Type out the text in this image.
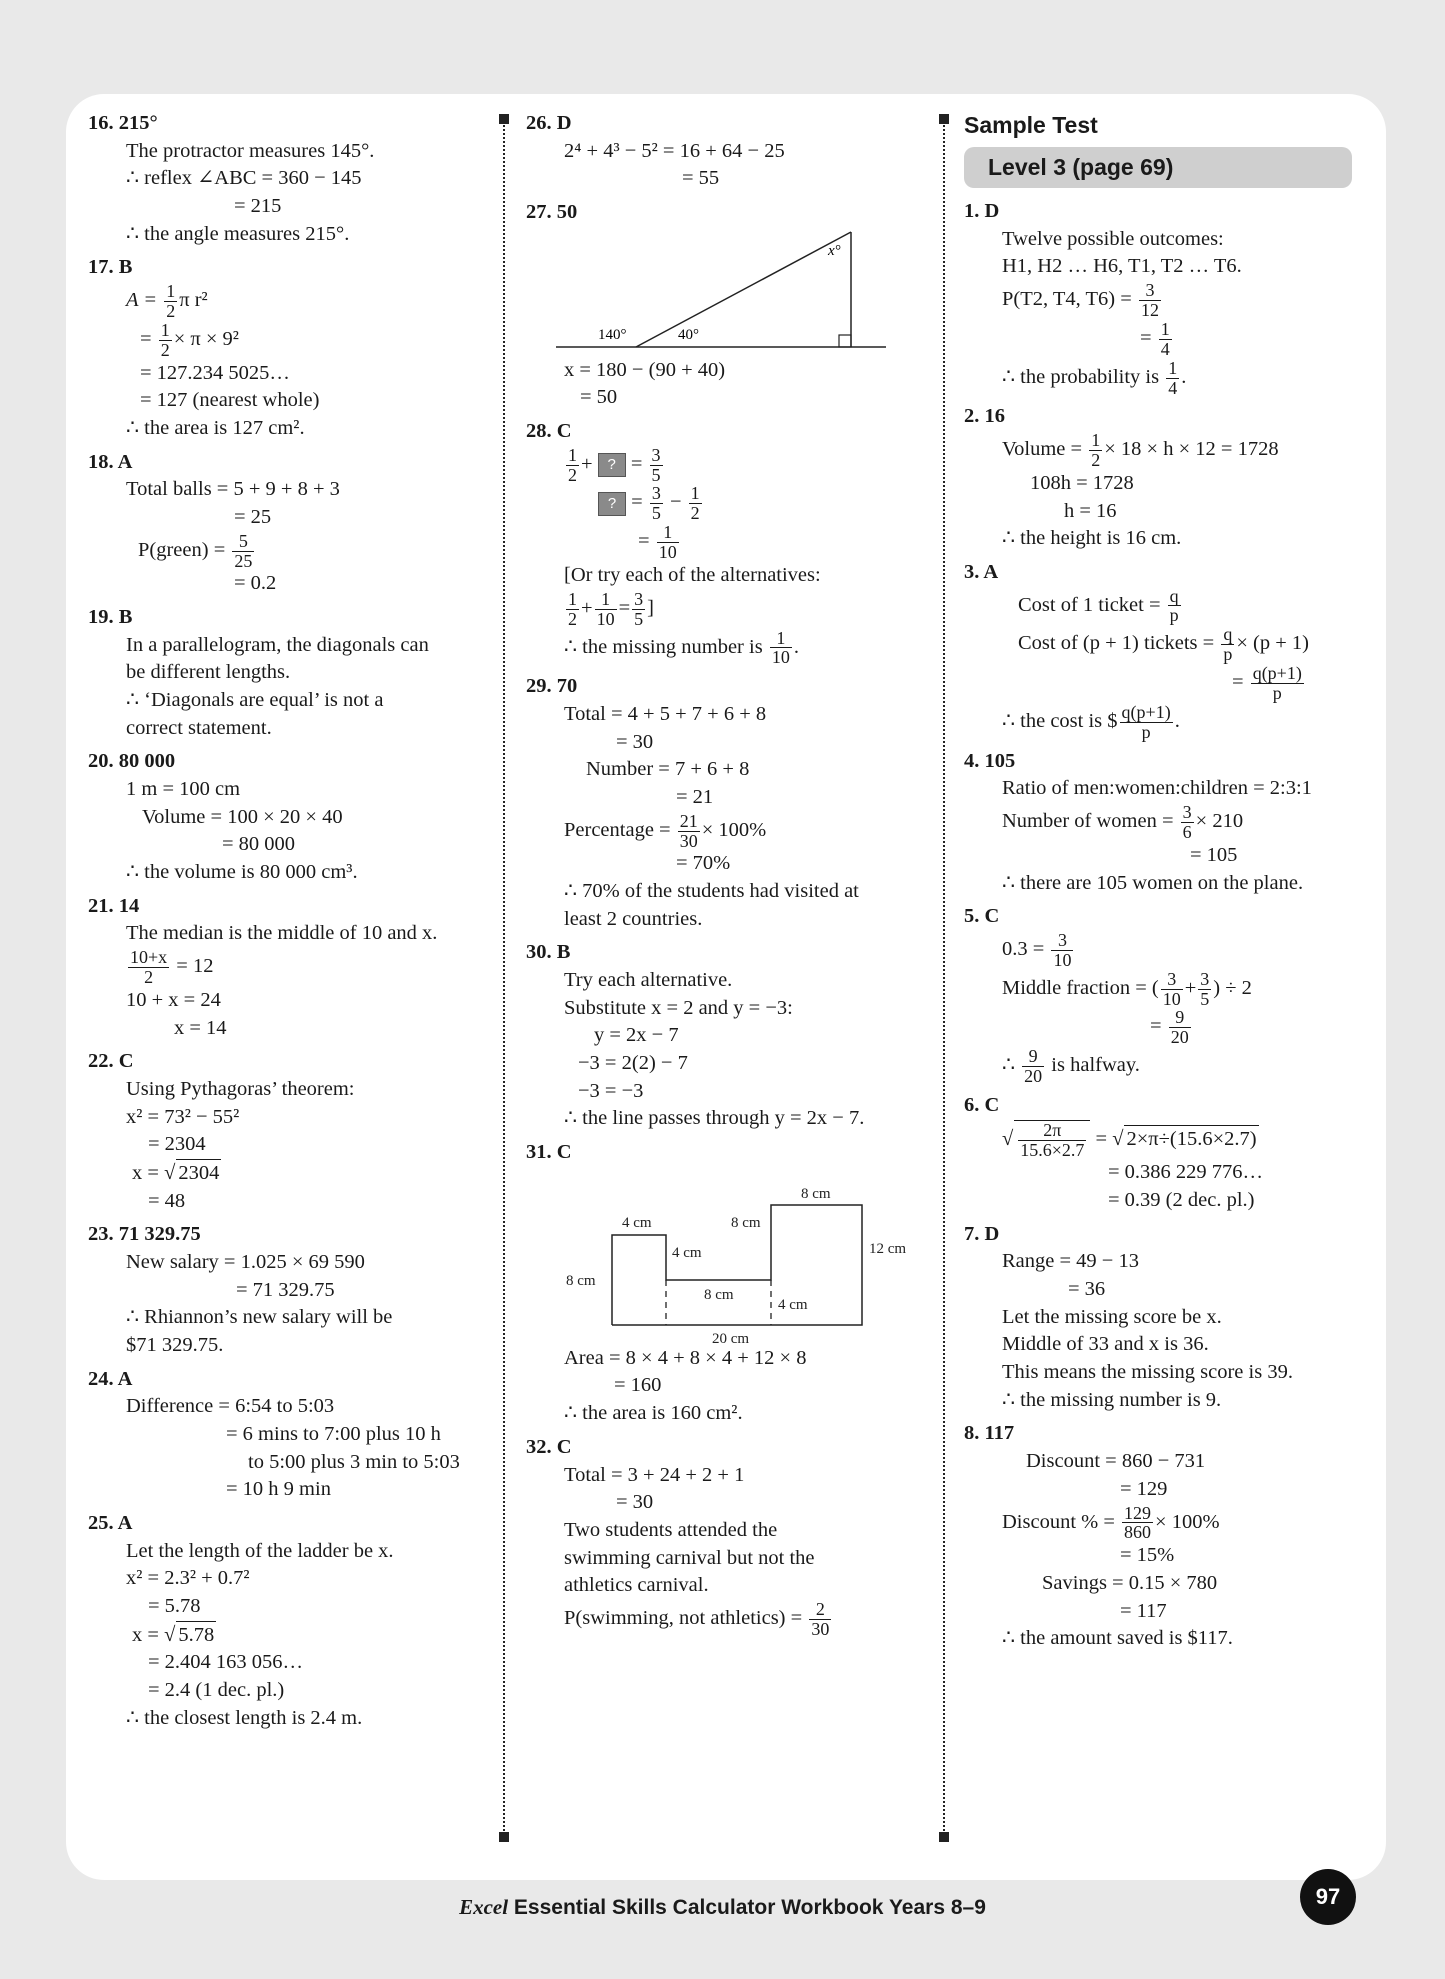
16. 215°
The protractor measures 145°.
∴ reflex ∠ABC = 360 − 145
= 215
∴ the angle measures 215°.
17. B
$A = \frac{1}{2}$ π r²
= $\frac{1}{2} \times \pi \times 9^2$
= 127.234 5025…
= 127 (nearest whole)
∴ the area is 127 cm².
18. A
Total balls = 5 + 9 + 8 + 3
= 25
P(green) = $\frac{5}{25}$
= 0.2
19. B
In a parallelogram, the diagonals can
be different lengths.
∴ ‘Diagonals are equal’ is not a
correct statement.
20. 80 000
1 m = 100 cm
Volume = 100 × 20 × 40
= 80 000
∴ the volume is 80 000 cm³.
21. 14
The median is the middle of 10 and x.
$\frac{10+x}{2} = 12$
10 + x = 24
x = 14
22. C
Using Pythagoras’ theorem:
x² = 73² − 55²
= 2304
x = √ 2304
= 48
23. 71 329.75
New salary = 1.025 × 69 590
= 71 329.75
∴ Rhiannon’s new salary will be
$71 329.75.
24. A
Difference = 6:54 to 5:03
= 6 mins to 7:00 plus 10 h
to 5:00 plus 3 min to 5:03
= 10 h 9 min
25. A
Let the length of the ladder be x.
x² = 2.3² + 0.7²
= 5.78
x = √ 5.78
= 2.404 163 056…
= 2.4 (1 dec. pl.)
∴ the closest length is 2.4 m.
26. D
2⁴ + 4³ − 5² = 16 + 64 − 25
= 55
27. 50
x°
140°	40°
x = 180 − (90 + 40)
= 50
28. C
$\frac{1}{2}$ + ? = $\frac{3}{5}$
? = $\frac{3}{5} - \frac{1}{2}$
= $\frac{1}{10}$
[Or try each of the alternatives:
$\frac{1}{2} + \frac{1}{10} = \frac{3}{5}$ ]
∴ the missing number is $\frac{1}{10}$ .
29. 70
Total = 4 + 5 + 7 + 6 + 8
= 30
Number = 7 + 6 + 8
= 21
Percentage = $\frac{21}{30} \times 100\%$
= 70%
∴ 70% of the students had visited at
least 2 countries.
30. B
Try each alternative.
Substitute x = 2 and y = −3:
y = 2x − 7
−3 = 2(2) − 7
−3 = −3
∴ the line passes through y = 2x − 7.
31. C
8 cm
4 cm	8 cm
4 cm	12 cm
8 cm
8 cm
4 cm
20 cm
Area = 8 × 4 + 8 × 4 + 12 × 8
= 160
∴ the area is 160 cm².
32. C
Total = 3 + 24 + 2 + 1
= 30
Two students attended the
swimming carnival but not the
athletics carnival.
P(swimming, not athletics) = $\frac{2}{30}$
Sample Test
Level 3 (page 69)
1. D
Twelve possible outcomes:
H1, H2 … H6, T1, T2 … T6.
P(T2, T4, $T6) = \frac{3}{12}$
= $\frac{1}{4}$
∴ the probability is $\frac{1}{4}$ .
2. 16
Volume = $\frac{1}{2} \times 18 \times h \times 12 = 1728$
108h = 1728
h = 16
∴ the height is 16 cm.
3. A
Cost of 1 ticket = $\frac{q}{p}$
Cost of (p + 1) tickets = $\frac{q}{p} \times (p + 1)$
= $\frac{q(p+1)}{p}$
∴ the cost is $ $\frac{q(p+1)}{p}$ .
4. 105
Ratio of men:women:children = 2:3:1
Number of women = $\frac{3}{6} \times 210$
= 105
∴ there are 105 women on the plane.
5. C
$0.3 = \frac{3}{10}$
Middle fraction = ( $\frac{3}{10} + \frac{3}{5}$ ) ÷ 2
= $\frac{9}{20}$
∴ $\frac{9}{20}$ is halfway.
6. C
√ $\frac{2\pi}{15.6\times 2.7}$ = √ 2×π÷(15.6×2.7)
= 0.386 229 776…
= 0.39 (2 dec. pl.)
7. D
Range = 49 − 13
= 36
Let the missing score be x.
Middle of 33 and x is 36.
This means the missing score is 39.
∴ the missing number is 9.
8. 117
Discount = 860 − 731
= 129
Discount % = $\frac{129}{860} \times 100\%$
= 15%
Savings = 0.15 × 780
= 117
∴ the amount saved is $117.
Excel Essential Skills Calculator Workbook Years 8–9	97
